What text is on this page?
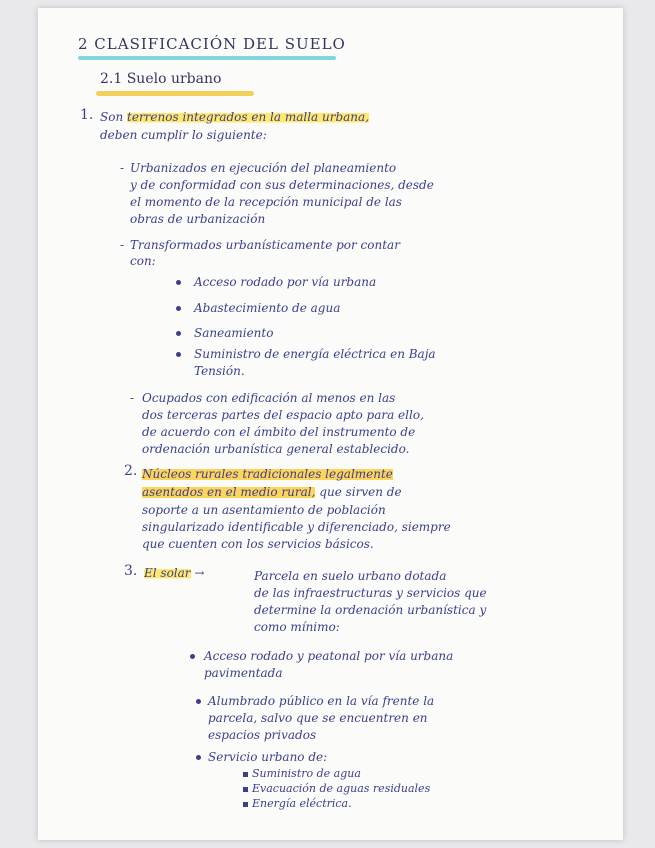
2 CLASIFICACIÓN DEL SUELO
2.1 Suelo urbano
1. Son terrenos integrados en la malla urbana,
deben cumplir lo siguiente:
- Urbanizados en ejecución del planeamiento
y de conformidad con sus determinaciones, desde
el momento de la recepción municipal de las
obras de urbanización
- Transformados urbanísticamente por contar
con:
Acceso rodado por vía urbana
Abastecimiento de agua
Saneamiento
Suministro de energía eléctrica en Baja
Tensión.
- Ocupados con edificación al menos en las
dos terceras partes del espacio apto para ello,
de acuerdo con el ámbito del instrumento de
ordenación urbanística general establecido.
2. Núcleos rurales tradicionales legalmente
asentados en el medio rural, que sirven de
soporte a un asentamiento de población
singularizado identificable y diferenciado, siempre
que cuenten con los servicios básicos.
3. El solar →	Parcela en suelo urbano dotada
de las infraestructuras y servicios que
determine la ordenación urbanística y
como mínimo:
Acceso rodado y peatonal por vía urbana
pavimentada
Alumbrado público en la vía frente la
parcela, salvo que se encuentren en
espacios privados
Servicio urbano de:
Suministro de agua
Evacuación de aguas residuales
Energía eléctrica.
